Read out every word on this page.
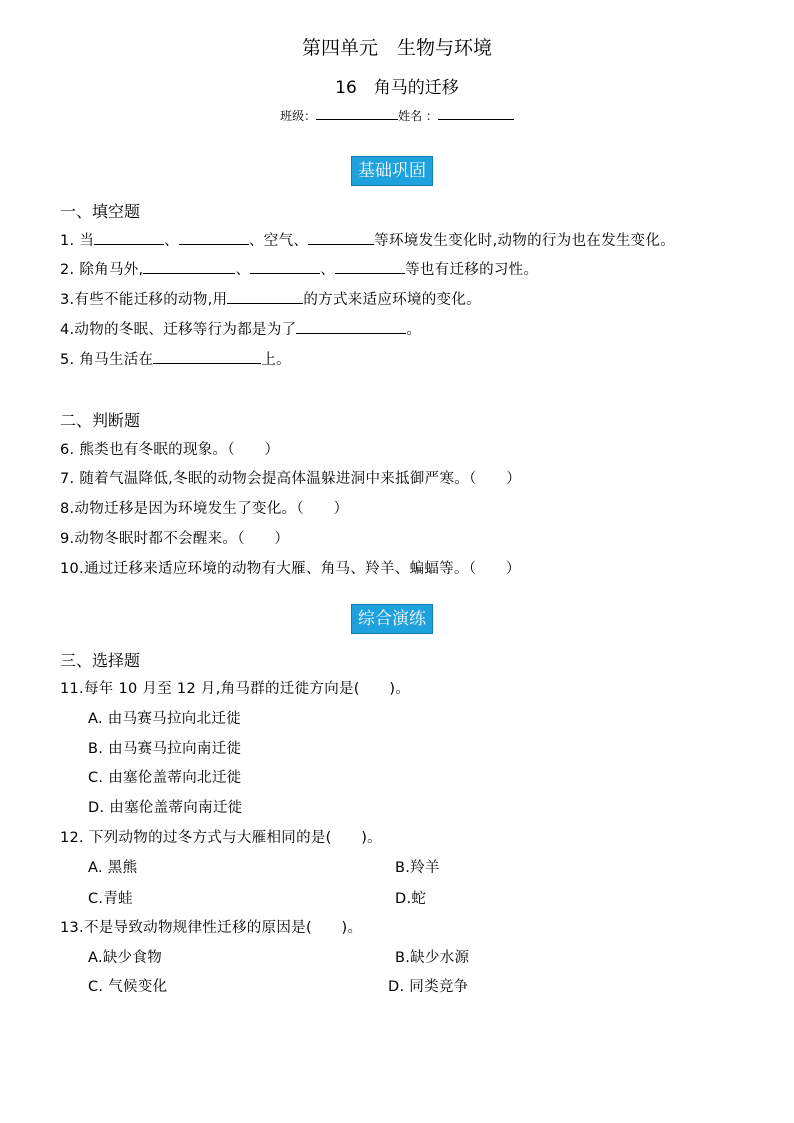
第四单元　生物与环境
16　角马的迁移
班级：	姓名 ：
基础巩固
一、填空题
1. 当	、	、空气、	等环境发生变化时,动物的行为也在发生变化。
2. 除角马外,	、	、	等也有迁移的习性。
3.有些不能迁移的动物,用	的方式来适应环境的变化。
4.动物的冬眠、迁移等行为都是为了	。
5. 角马生活在	上。
二、判断题
6. 熊类也有冬眠的现象。（　　）
7. 随着气温降低,冬眠的动物会提高体温躲进洞中来抵御严寒。（　　）
8.动物迁移是因为环境发生了变化。（　　）
9.动物冬眠时都不会醒来。（　　）
10.通过迁移来适应环境的动物有大雁、角马、羚羊、蝙蝠等。（　　）
综合演练
三、选择题
11.每年 10 月至 12 月,角马群的迁徙方向是(　　)。
A. 由马赛马拉向北迁徙
B. 由马赛马拉向南迁徙
C. 由塞伦盖蒂向北迁徙
D. 由塞伦盖蒂向南迁徙
12. 下列动物的过冬方式与大雁相同的是(　　)。
A. 黑熊	B.羚羊
C.青蛙	D.蛇
13.不是导致动物规律性迁移的原因是(　　)。
A.缺少食物	B.缺少水源
C. 气候变化	D. 同类竞争
